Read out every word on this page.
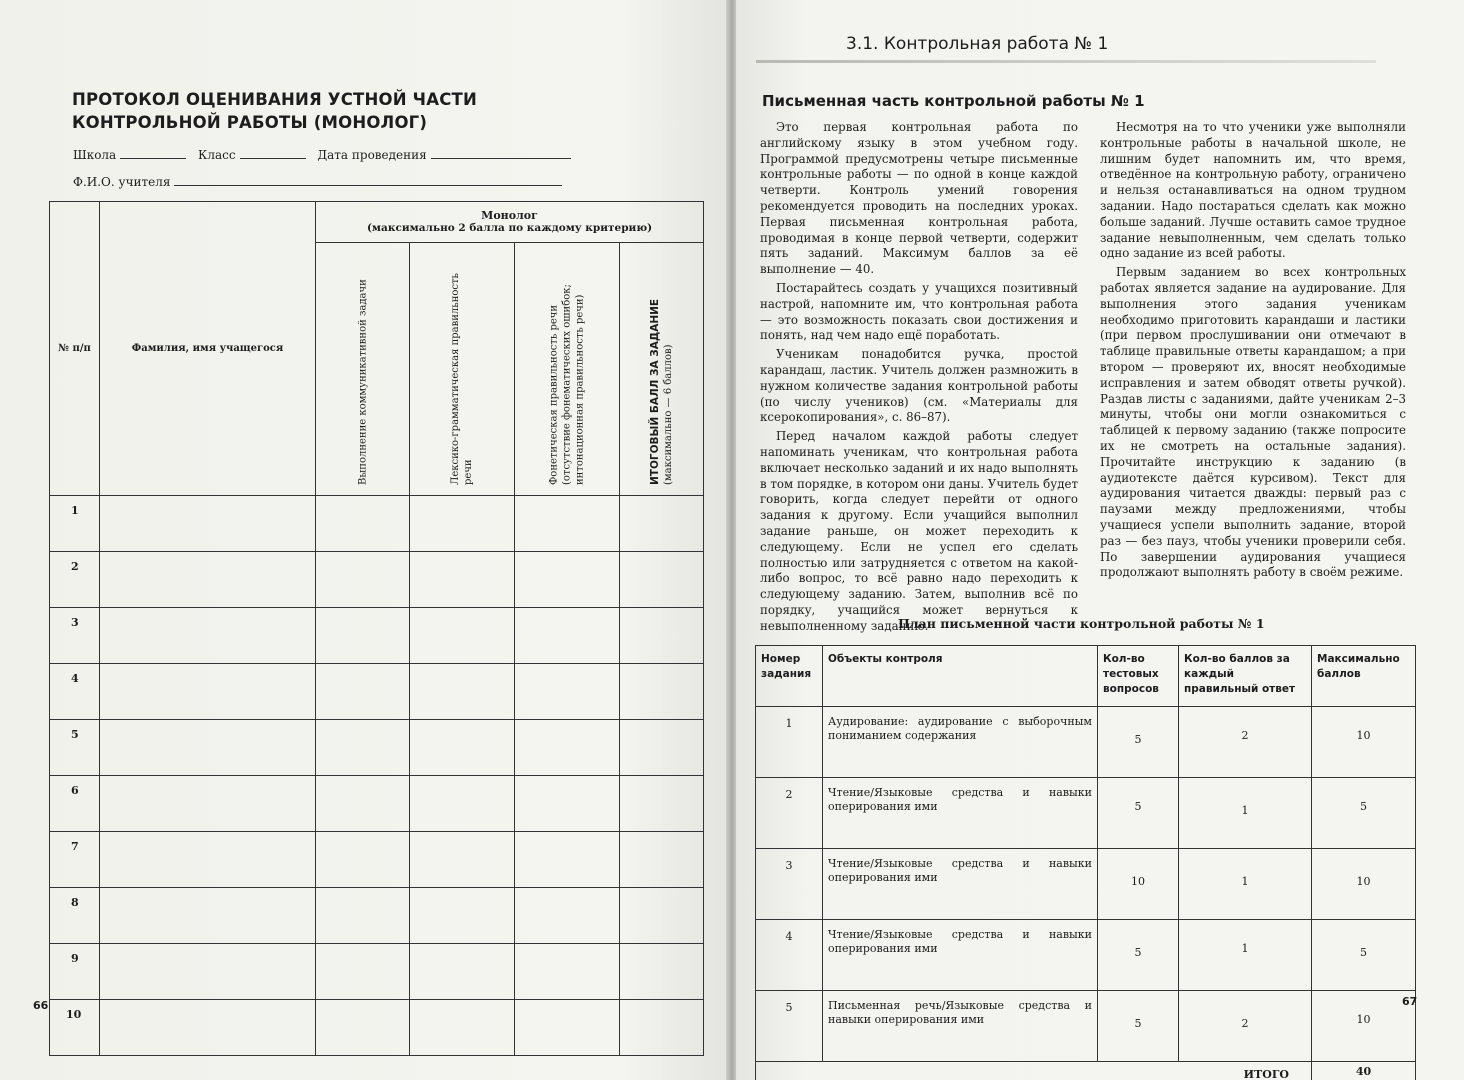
ПРОТОКОЛ ОЦЕНИВАНИЯ УСТНОЙ ЧАСТИ
КОНТРОЛЬНОЙ РАБОТЫ (МОНОЛОГ)
Школа	Класс	Дата проведения
Ф.И.О. учителя
№ п/п	Фамилия, имя учащегося	Монолог
(максимально 2 балла по каждому критерию)			

		Выполнение коммуникативной задачи	Лексико-грамматическая правильность речи	Фонетическая правильность речи (отсутствие фонематических ошибок; интонационная правильность речи)	ИТОГОВЫЙ БАЛЛ ЗА ЗАДАНИЕ (максимально — 6 баллов)

1					
2					
3					
4					
5					
6					
7					
8					
9					
10					
66
3.1. Контрольная работа № 1
Письменная часть контрольной работы № 1

Это первая контрольная работа по английскому языку в этом учебном году. Программой предусмотрены четыре письменные контрольные работы — по одной в конце каждой четверти. Контроль умений говорения рекомендуется проводить на последних уроках. Первая письменная контрольная работа, проводимая в конце первой четверти, содержит пять заданий. Максимум баллов за её выполнение — 40.

Постарайтесь создать у учащихся позитивный настрой, напомните им, что контрольная работа — это возможность показать свои достижения и понять, над чем надо ещё поработать.

Ученикам понадобится ручка, простой карандаш, ластик. Учитель должен размножить в нужном количестве задания контрольной работы (по числу учеников) (см. «Материалы для ксерокопирования», с. 86–87).

Перед началом каждой работы следует напоминать ученикам, что контрольная работа включает несколько заданий и их надо выполнять в том порядке, в котором они даны. Учитель будет говорить, когда следует перейти от одного задания к другому. Если учащийся выполнил задание раньше, он может переходить к следующему. Если не успел его сделать полностью или затрудняется с ответом на какой-либо вопрос, то всё равно надо переходить к следующему заданию. Затем, выполнив всё по порядку, учащийся может вернуться к невыполненному заданию.

Несмотря на то что ученики уже выполняли контрольные работы в начальной школе, не лишним будет напомнить им, что время, отведённое на контрольную работу, ограничено и нельзя останавливаться на одном трудном задании. Надо постараться сделать как можно больше заданий. Лучше оставить самое трудное задание невыполненным, чем сделать только одно задание из всей работы.

Первым заданием во всех контрольных работах является задание на аудирование. Для выполнения этого задания ученикам необходимо приготовить карандаши и ластики (при первом прослушивании они отмечают в таблице правильные ответы карандашом; а при втором — проверяют их, вносят необходимые исправления и затем обводят ответы ручкой). Раздав листы с заданиями, дайте ученикам 2–3 минуты, чтобы они могли ознакомиться с таблицей к первому заданию (также попросите их не смотреть на остальные задания). Прочитайте инструкцию к заданию (в аудиотексте даётся курсивом). Текст для аудирования читается дважды: первый раз с паузами между предложениями, чтобы учащиеся успели выполнить задание, второй раз — без пауз, чтобы ученики проверили себя. По завершении аудирования учащиеся продолжают выполнять работу в своём режиме.

План письменной части контрольной работы № 1
Номер задания	Объекты контроля	Кол-во тестовых вопросов	Кол-во баллов за каждый правильный ответ	Максимально баллов
1	Аудирование: аудирование с выборочным пониманием содержания	5	2	10
2	Чтение/Языковые средства и навыки оперирования ими	5	1	5
3	Чтение/Языковые средства и навыки оперирования ими	10	1	10
4	Чтение/Языковые средства и навыки оперирования ими	5	1	5
5	Письменная речь/Языковые средства и навыки оперирования ими	5	2	10
ИТОГО				40
67
